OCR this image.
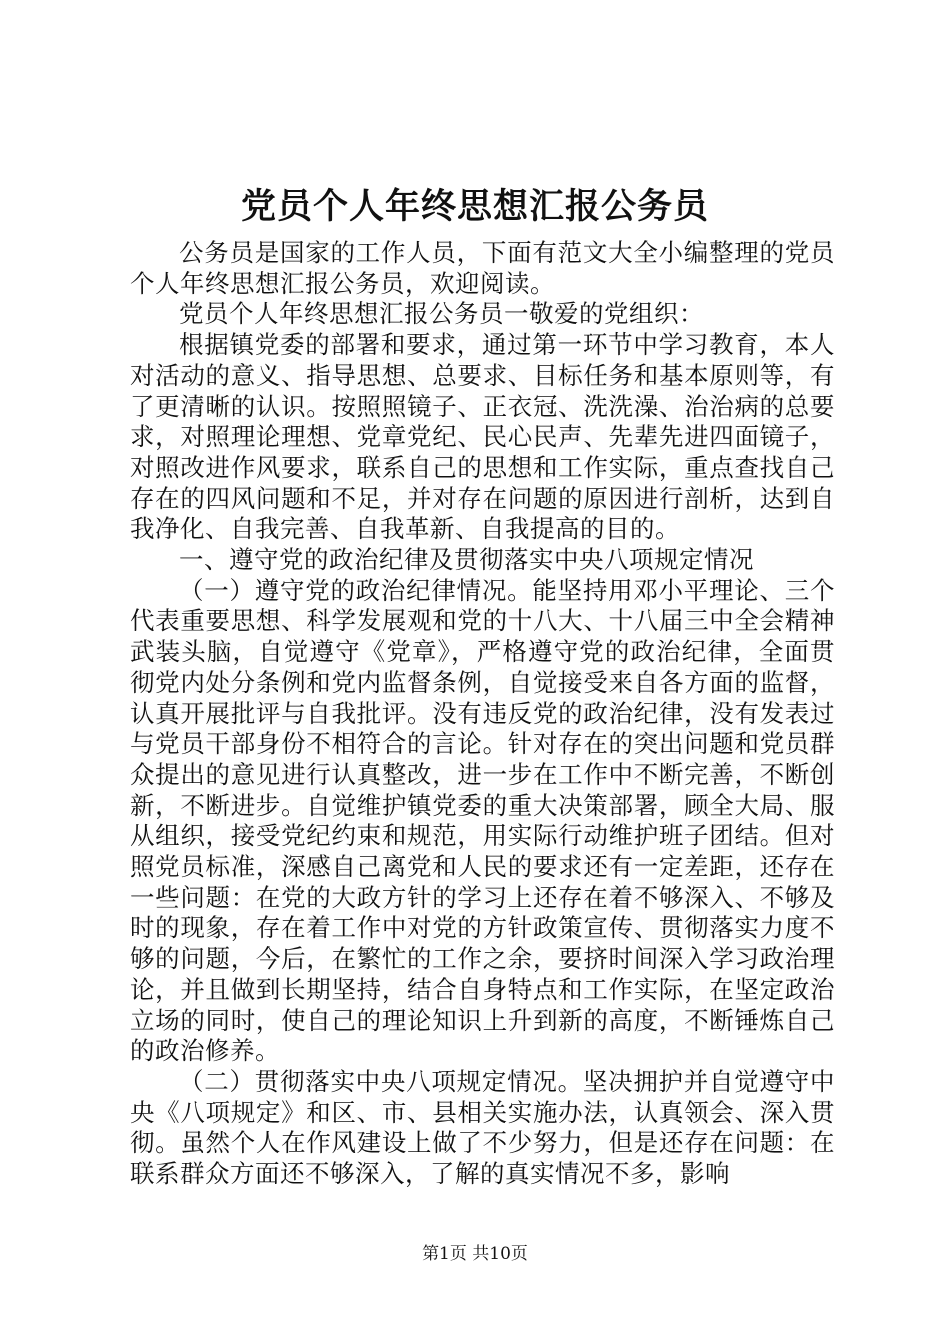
党员个人年终思想汇报公务员

公务员是国家的工作人员，下面有范文大全小编整理的党员个人年终思想汇报公务员，欢迎阅读。

党员个人年终思想汇报公务员一敬爱的党组织：

根据镇党委的部署和要求，通过第一环节中学习教育，本人对活动的意义、指导思想、总要求、目标任务和基本原则等，有了更清晰的认识。按照照镜子、正衣冠、洗洗澡、治治病的总要求，对照理论理想、党章党纪、民心民声、先辈先进四面镜子，对照改进作风要求，联系自己的思想和工作实际，重点查找自己存在的四风问题和不足，并对存在问题的原因进行剖析，达到自我净化、自我完善、自我革新、自我提高的目的。

一、遵守党的政治纪律及贯彻落实中央八项规定情况

（一）遵守党的政治纪律情况。能坚持用邓小平理论、三个代表重要思想、科学发展观和党的十八大、十八届三中全会精神武装头脑，自觉遵守《党章》，严格遵守党的政治纪律，全面贯彻党内处分条例和党内监督条例，自觉接受来自各方面的监督，认真开展批评与自我批评。没有违反党的政治纪律，没有发表过与党员干部身份不相符合的言论。针对存在的突出问题和党员群众提出的意见进行认真整改，进一步在工作中不断完善，不断创新，不断进步。自觉维护镇党委的重大决策部署，顾全大局、服从组织，接受党纪约束和规范，用实际行动维护班子团结。但对照党员标准，深感自己离党和人民的要求还有一定差距，还存在一些问题：在党的大政方针的学习上还存在着不够深入、不够及时的现象，存在着工作中对党的方针政策宣传、贯彻落实力度不够的问题，今后，在繁忙的工作之余，要挤时间深入学习政治理论，并且做到长期坚持，结合自身特点和工作实际，在坚定政治立场的同时，使自己的理论知识上升到新的高度，不断锤炼自己的政治修养。

（二）贯彻落实中央八项规定情况。坚决拥护并自觉遵守中央《八项规定》和区、市、县相关实施办法，认真领会、深入贯彻。虽然个人在作风建设上做了不少努力，但是还存在问题：在联系群众方面还不够深入，了解的真实情况不多，影响

第1页 共10页
